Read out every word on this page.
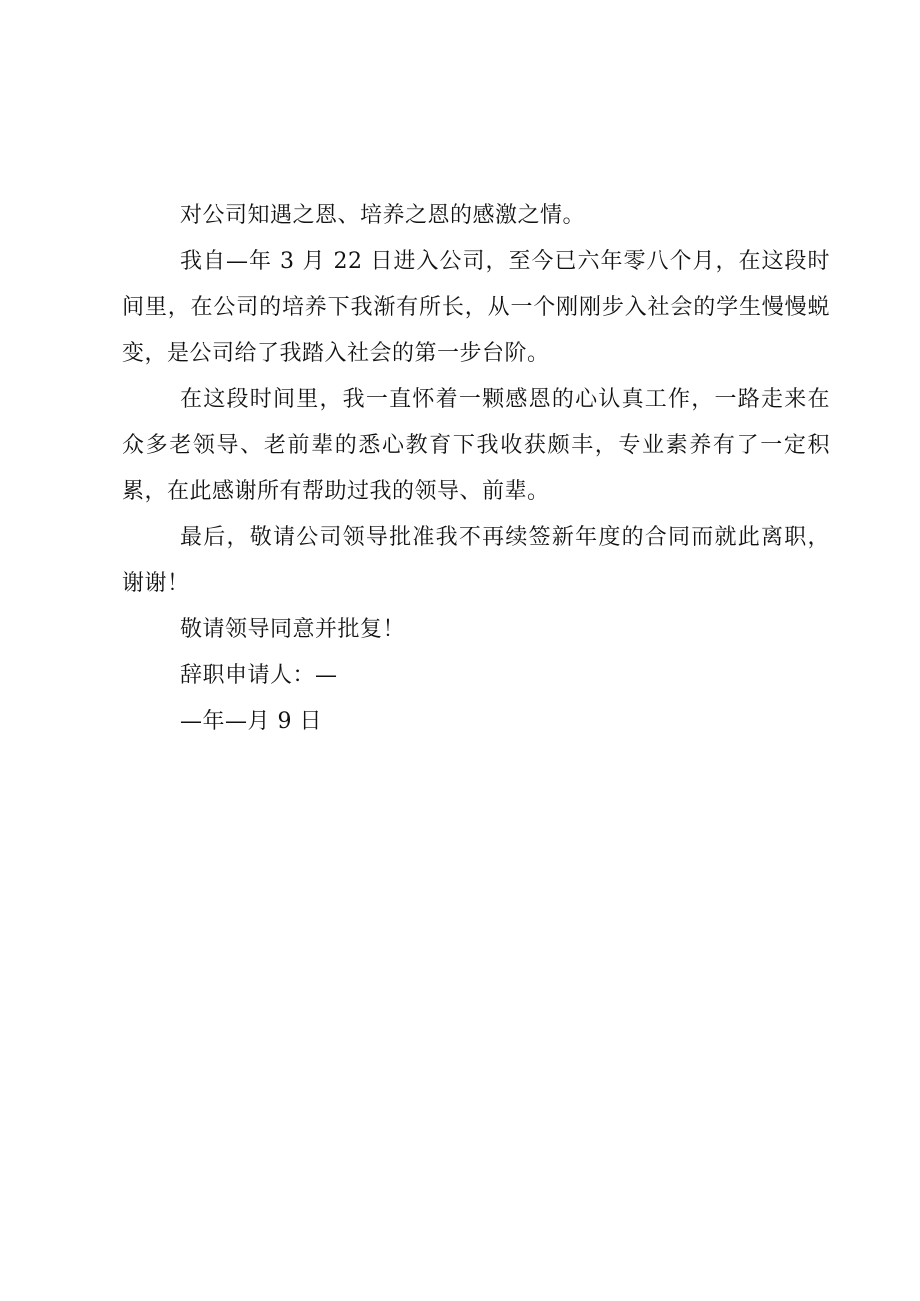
对公司知遇之恩、培养之恩的感激之情。

我自—年 3 月 22 日进入公司，至今已六年零八个月，在这段时间里，在公司的培养下我渐有所长，从一个刚刚步入社会的学生慢慢蜕变，是公司给了我踏入社会的第一步台阶。

在这段时间里，我一直怀着一颗感恩的心认真工作，一路走来在众多老领导、老前辈的悉心教育下我收获颇丰，专业素养有了一定积累，在此感谢所有帮助过我的领导、前辈。

最后，敬请公司领导批准我不再续签新年度的合同而就此离职，谢谢！

敬请领导同意并批复！

辞职申请人：—

—年—月 9 日
